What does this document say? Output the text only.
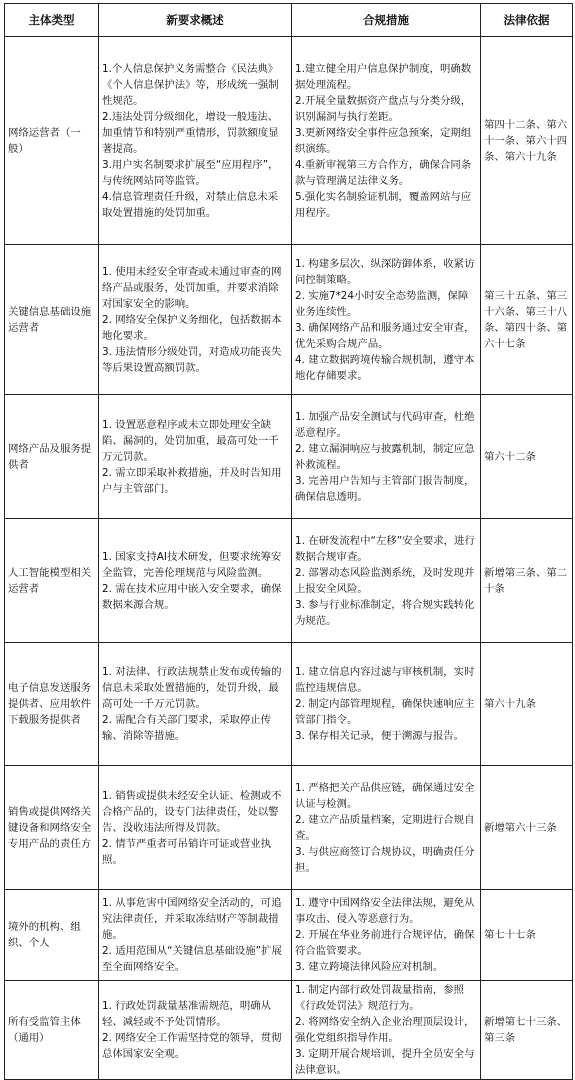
主体类型	新要求概述	合规措施	法律依据
网络运营者（一般）	1.个人信息保护义务需整合《民法典》《个人信息保护法》等，形成统一强制性规范。
2.违法处罚分级细化，增设一般违法、加重情节和特别严重情形，罚款额度显著提高。
3.用户实名制要求扩展至“应用程序”，与传统网站同等监管。
4.信息管理责任升级，对禁止信息未采取处置措施的处罚加重。	1.建立健全用户信息保护制度，明确数据处理流程。
2.开展全量数据资产盘点与分类分级，识别漏洞与执行差距。
3.更新网络安全事件应急预案，定期组织演练。
4.重新审视第三方合作方，确保合同条款与管理满足法律义务。
5.强化实名制验证机制，覆盖网站与应用程序。	第四十二条、第六十一条、第六十四条、第六十九条
关键信息基础设施运营者	1. 使用未经安全审查或未通过审查的网络产品或服务，处罚加重，并要求消除对国家安全的影响。
2. 网络安全保护义务细化，包括数据本地化要求。
3. 违法情形分级处罚，对造成功能丧失等后果设置高额罚款。	1. 构建多层次、纵深防御体系，收紧访问控制策略。
2. 实施7*24小时安全态势监测，保障业务连续性。
3. 确保网络产品和服务通过安全审查，优先采购合规产品。
4. 建立数据跨境传输合规机制，遵守本地化存储要求。	第三十五条、第三十六条、第三十八条、第四十条、第六十七条
网络产品及服务提供者	1. 设置恶意程序或未立即处理安全缺陷、漏洞的，处罚加重，最高可处一千万元罚款。
2. 需立即采取补救措施，并及时告知用户与主管部门。	1. 加强产品安全测试与代码审查，杜绝恶意程序。
2. 建立漏洞响应与披露机制，制定应急补救流程。
3. 完善用户告知与主管部门报告制度，确保信息透明。	第六十二条
人工智能模型相关运营者	1. 国家支持AI技术研发，但要求统筹安全监管，完善伦理规范与风险监测。
2. 需在技术应用中嵌入安全要求，确保数据来源合规。	1. 在研发流程中“左移”安全要求，进行数据合规审查。
2. 部署动态风险监测系统，及时发现并上报安全风险。
3. 参与行业标准制定，将合规实践转化为规范。	新增第三条、第二十条
电子信息发送服务提供者、应用软件下载服务提供者	1. 对法律、行政法规禁止发布或传输的信息未采取处置措施的，处罚升级，最高可处一千万元罚款。
2. 需配合有关部门要求，采取停止传输、消除等措施。	1. 建立信息内容过滤与审核机制，实时监控违规信息。
2. 制定内部管理规程，确保快速响应主管部门指令。
3. 保存相关记录，便于溯源与报告。	第六十九条
销售或提供网络关键设备和网络安全专用产品的责任方	1. 销售或提供未经安全认证、检测或不合格产品的，设专门法律责任，处以警告、没收违法所得及罚款。
2. 情节严重者可吊销许可证或营业执照。	1. 严格把关产品供应链，确保通过安全认证与检测。
2. 建立产品质量档案，定期进行合规自查。
3. 与供应商签订合规协议，明确责任分担。	新增第六十三条
境外的机构、组织、个人	1. 从事危害中国网络安全活动的，可追究法律责任，并采取冻结财产等制裁措施。
2. 适用范围从“关键信息基础设施”扩展至全面网络安全。	1. 遵守中国网络安全法律法规，避免从事攻击、侵入等恶意行为。
2. 开展在华业务前进行合规评估，确保符合监管要求。
3. 建立跨境法律风险应对机制。	第七十七条
所有受监管主体（通用）	1. 行政处罚裁量基准需规范，明确从轻、减轻或不予处罚情形。
2. 网络安全工作需坚持党的领导，贯彻总体国家安全观。	1. 制定内部行政处罚裁量指南，参照《行政处罚法》规范行为。
2. 将网络安全纳入企业治理顶层设计，强化党组织指导作用。
3. 定期开展合规培训，提升全员安全与法律意识。	新增第七十三条、第三条
